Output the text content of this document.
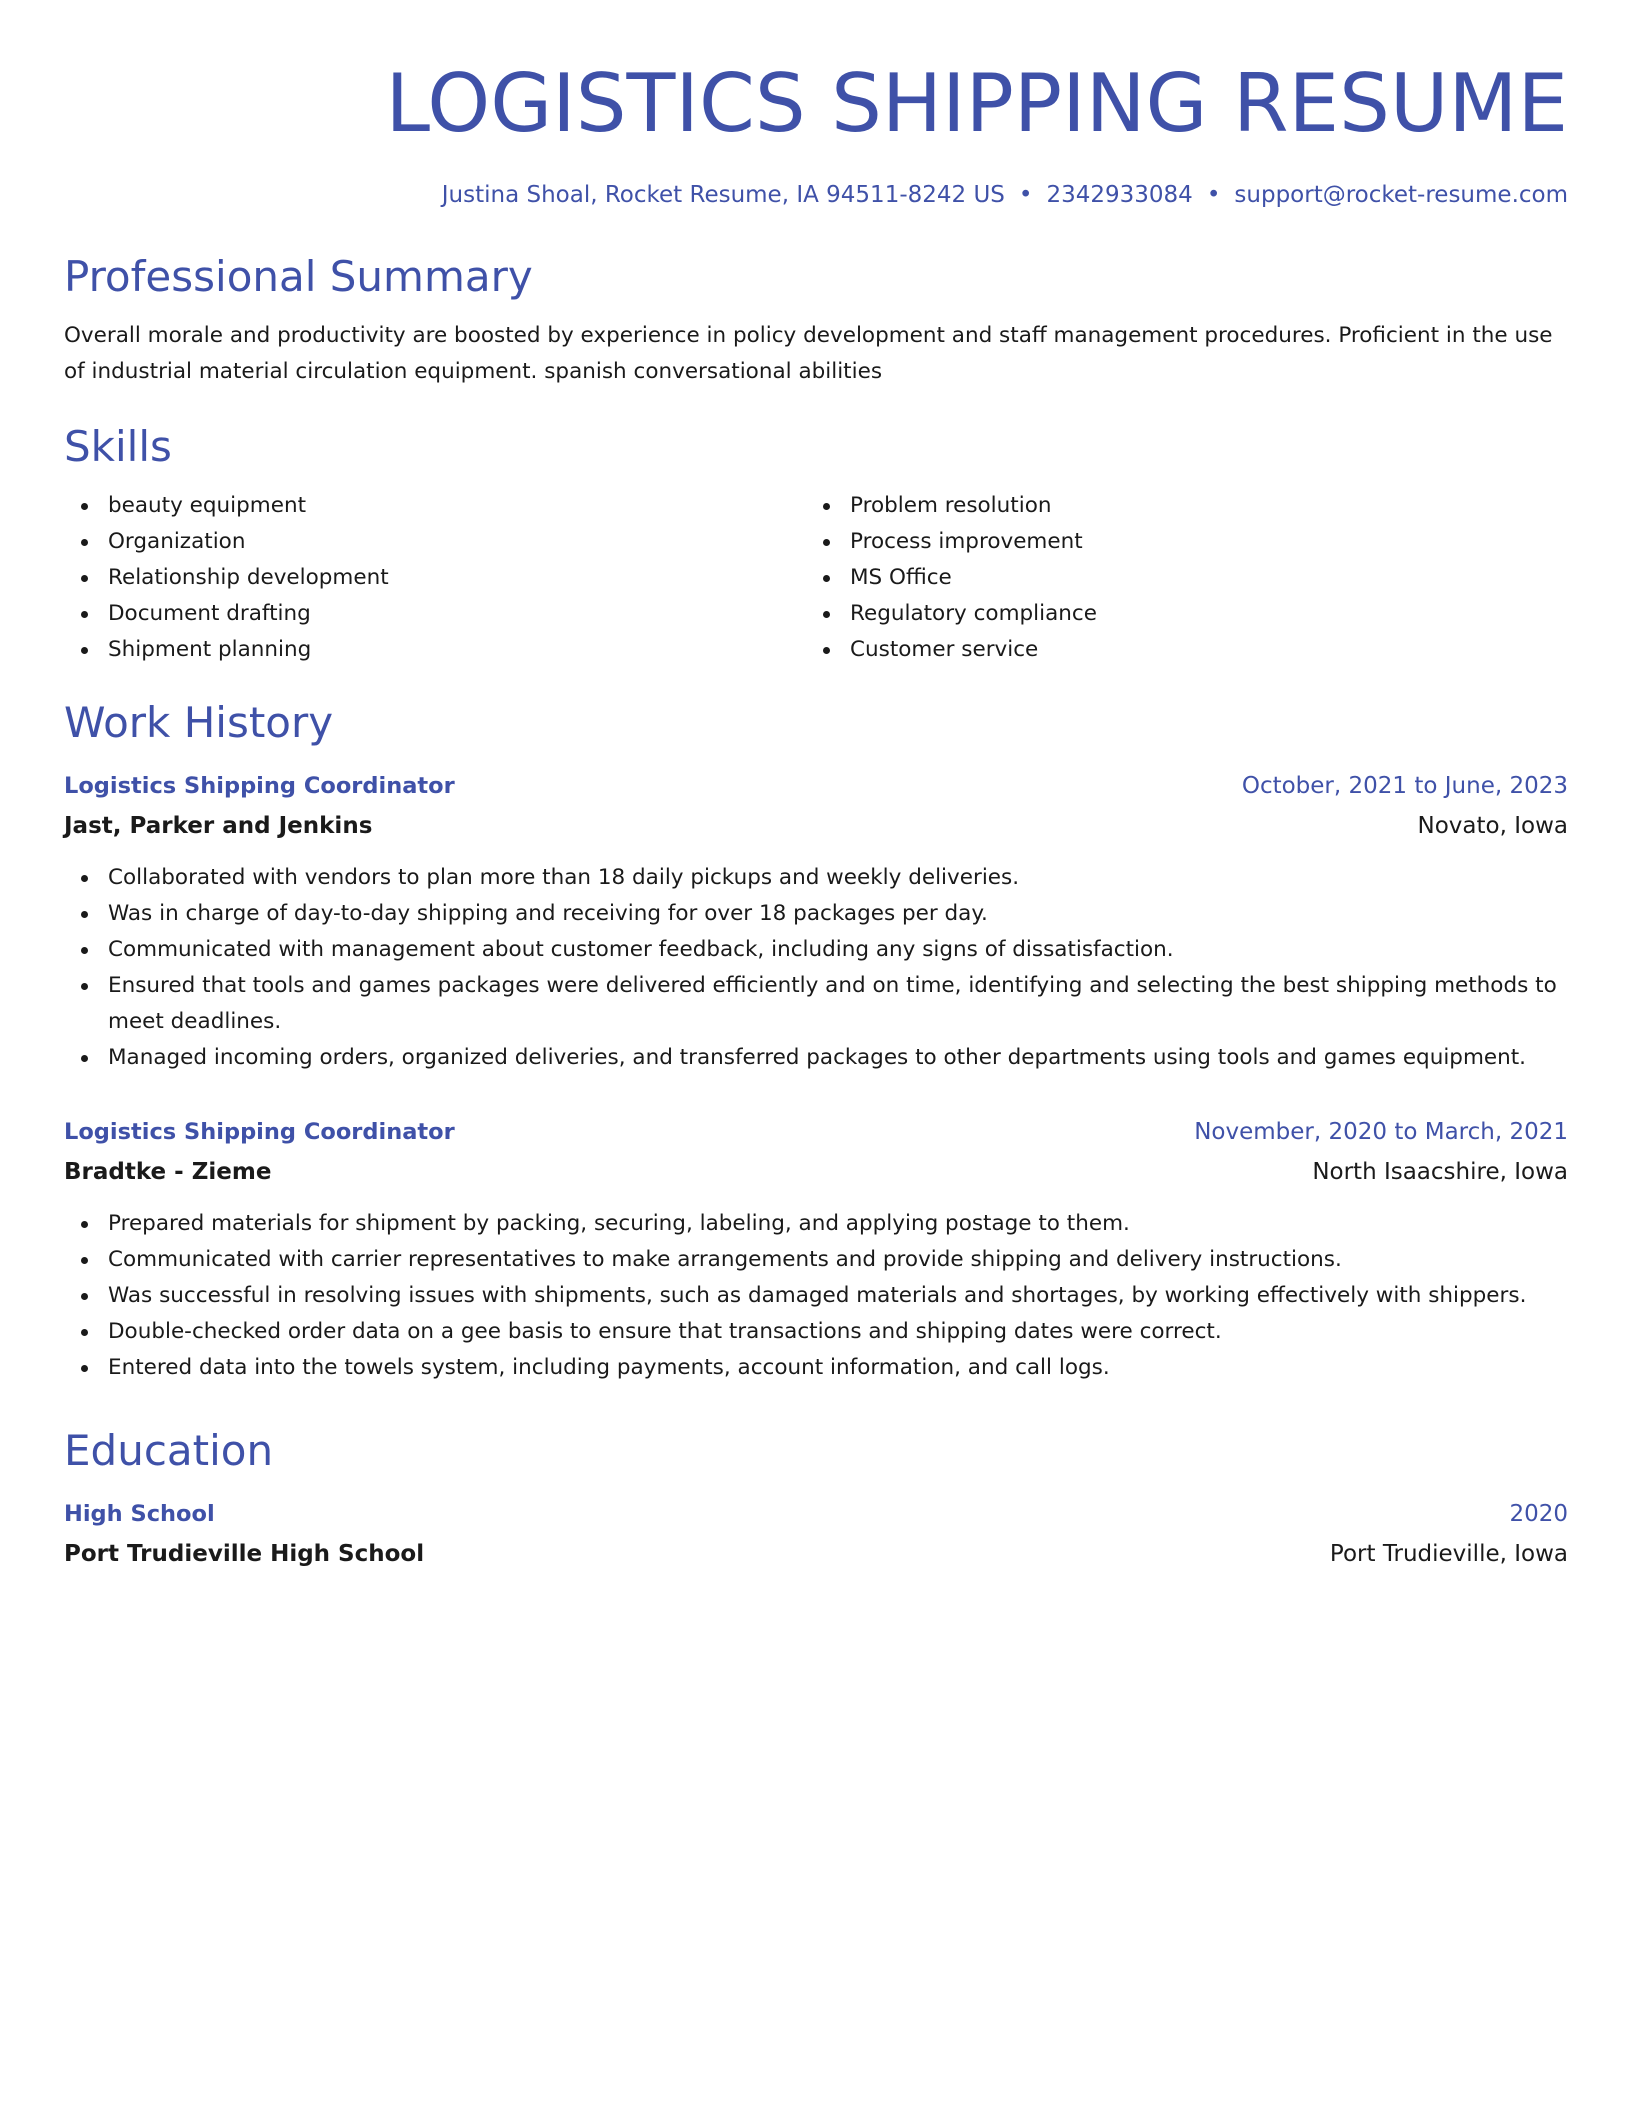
LOGISTICS SHIPPING RESUME
Justina Shoal, Rocket Resume, IA 94511-8242 US • 2342933084 • support@rocket-resume.com
Professional Summary
Overall morale and productivity are boosted by experience in policy development and staff management procedures. Proficient in the use of industrial material circulation equipment. spanish conversational abilities
Skills
beauty equipment
Organization
Relationship development
Document drafting
Shipment planning
Problem resolution
Process improvement
MS Office
Regulatory compliance
Customer service
Work History
Logistics Shipping Coordinator	October, 2021 to June, 2023
Jast, Parker and Jenkins	Novato, Iowa
Collaborated with vendors to plan more than 18 daily pickups and weekly deliveries.
Was in charge of day-to-day shipping and receiving for over 18 packages per day.
Communicated with management about customer feedback, including any signs of dissatisfaction.
Ensured that tools and games packages were delivered efficiently and on time, identifying and selecting the best shipping methods to meet deadlines.
Managed incoming orders, organized deliveries, and transferred packages to other departments using tools and games equipment.
Logistics Shipping Coordinator	November, 2020 to March, 2021
Bradtke - Zieme	North Isaacshire, Iowa
Prepared materials for shipment by packing, securing, labeling, and applying postage to them.
Communicated with carrier representatives to make arrangements and provide shipping and delivery instructions.
Was successful in resolving issues with shipments, such as damaged materials and shortages, by working effectively with shippers.
Double-checked order data on a gee basis to ensure that transactions and shipping dates were correct.
Entered data into the towels system, including payments, account information, and call logs.
Education
High School	2020
Port Trudieville High School	Port Trudieville, Iowa
